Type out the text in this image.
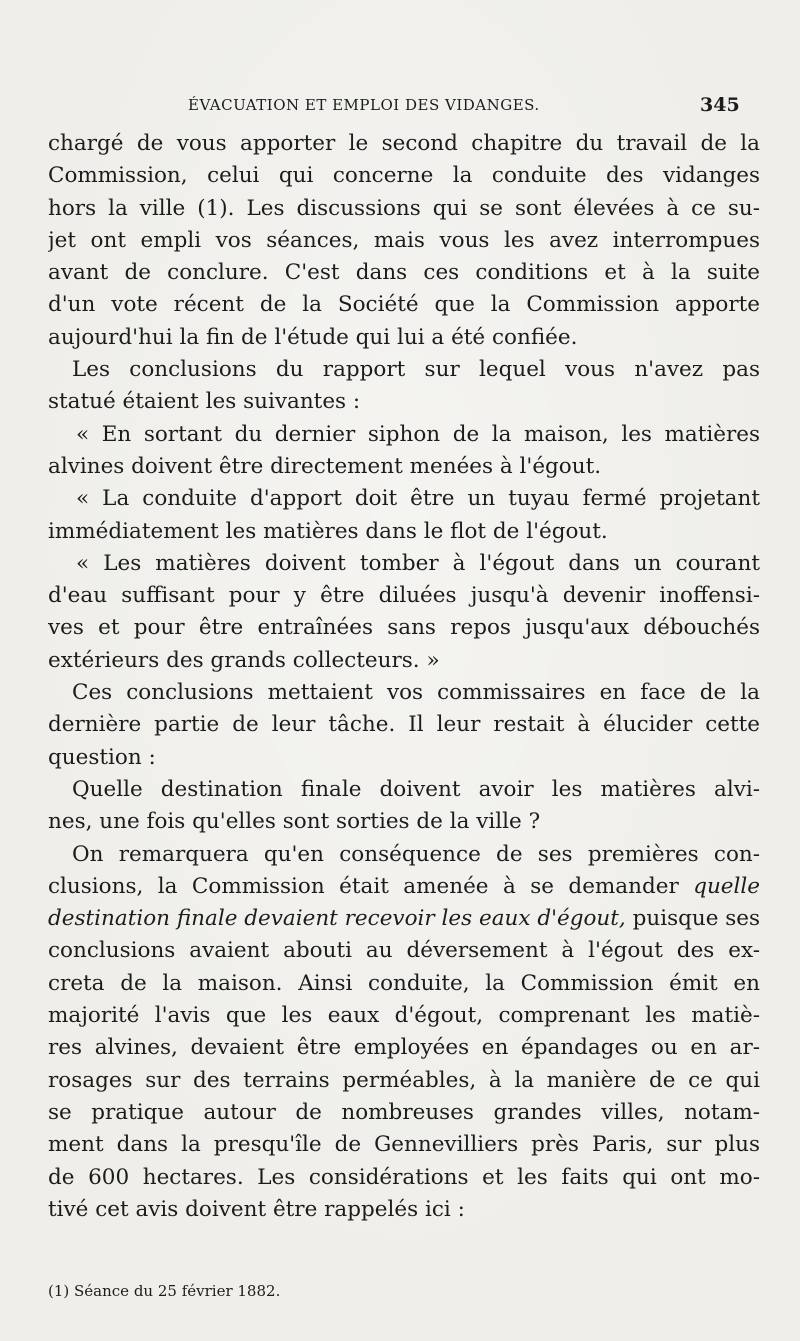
ÉVACUATION ET EMPLOI DES VIDANGES.	345
chargé de vous apporter le second chapitre du travail de la
Commission, celui qui concerne la conduite des vidanges
hors la ville (1). Les discussions qui se sont élevées à ce su-
jet ont empli vos séances, mais vous les avez interrompues
avant de conclure. C'est dans ces conditions et à la suite
d'un vote récent de la Société que la Commission apporte
aujourd'hui la fin de l'étude qui lui a été confiée.
Les conclusions du rapport sur lequel vous n'avez pas
statué étaient les suivantes :
« En sortant du dernier siphon de la maison, les matières
alvines doivent être directement menées à l'égout.
« La conduite d'apport doit être un tuyau fermé projetant
immédiatement les matières dans le flot de l'égout.
« Les matières doivent tomber à l'égout dans un courant
d'eau suffisant pour y être diluées jusqu'à devenir inoffensi-
ves et pour être entraînées sans repos jusqu'aux débouchés
extérieurs des grands collecteurs. »
Ces conclusions mettaient vos commissaires en face de la
dernière partie de leur tâche. Il leur restait à élucider cette
question :
Quelle destination finale doivent avoir les matières alvi-
nes, une fois qu'elles sont sorties de la ville ?
On remarquera qu'en conséquence de ses premières con-
clusions, la Commission était amenée à se demander quelle
destination finale devaient recevoir les eaux d'égout, puisque ses
conclusions avaient abouti au déversement à l'égout des ex-
creta de la maison. Ainsi conduite, la Commission émit en
majorité l'avis que les eaux d'égout, comprenant les matiè-
res alvines, devaient être employées en épandages ou en ar-
rosages sur des terrains perméables, à la manière de ce qui
se pratique autour de nombreuses grandes villes, notam-
ment dans la presqu'île de Gennevilliers près Paris, sur plus
de 600 hectares. Les considérations et les faits qui ont mo-
tivé cet avis doivent être rappelés ici :
(1) Séance du 25 février 1882.
